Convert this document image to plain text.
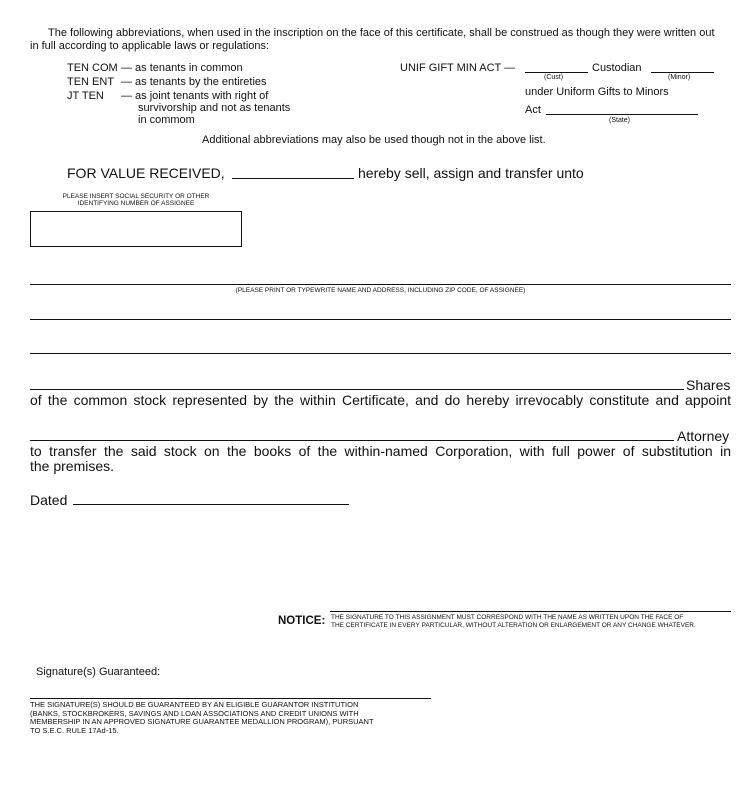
The following abbreviations, when used in the inscription on the face of this certificate, shall be construed as though they were written out
in full according to applicable laws or regulations:
TEN COM — as tenants in common
TEN ENT — as tenants by the entireties
JT TEN — as joint tenants with right of
survivorship and not as tenants
in commom
UNIF GIFT MIN ACT —	Custodian
(Cust)	(Minor)
under Uniform Gifts to Minors
Act
(State)
Additional abbreviations may also be used though not in the above list.
FOR VALUE RECEIVED,	hereby sell, assign and transfer unto
PLEASE INSERT SOCIAL SECURITY OR OTHER
IDENTIFYING NUMBER OF ASSIGNEE
(PLEASE PRINT OR TYPEWRITE NAME AND ADDRESS, INCLUDING ZIP CODE, OF ASSIGNEE)
Shares
of the common stock represented by the within Certificate, and do hereby irrevocably constitute and appoint
Attorney
to transfer the said stock on the books of the within-named Corporation, with full power of substitution in
the premises.
Dated
NOTICE: THE SIGNATURE TO THIS ASSIGNMENT MUST CORRESPOND WITH THE NAME AS WRITTEN UPON THE FACE OF
THE CERTIFICATE IN EVERY PARTICULAR, WITHOUT ALTERATION OR ENLARGEMENT OR ANY CHANGE WHATEVER.
Signature(s) Guaranteed:
THE SIGNATURE(S) SHOULD BE GUARANTEED BY AN ELIGIBLE GUARANTOR INSTITUTION
(BANKS, STOCKBROKERS, SAVINGS AND LOAN ASSOCIATIONS AND CREDIT UNIONS WITH
MEMBERSHIP IN AN APPROVED SIGNATURE GUARANTEE MEDALLION PROGRAM), PURSUANT
TO S.E.C. RULE 17Ad-15.
